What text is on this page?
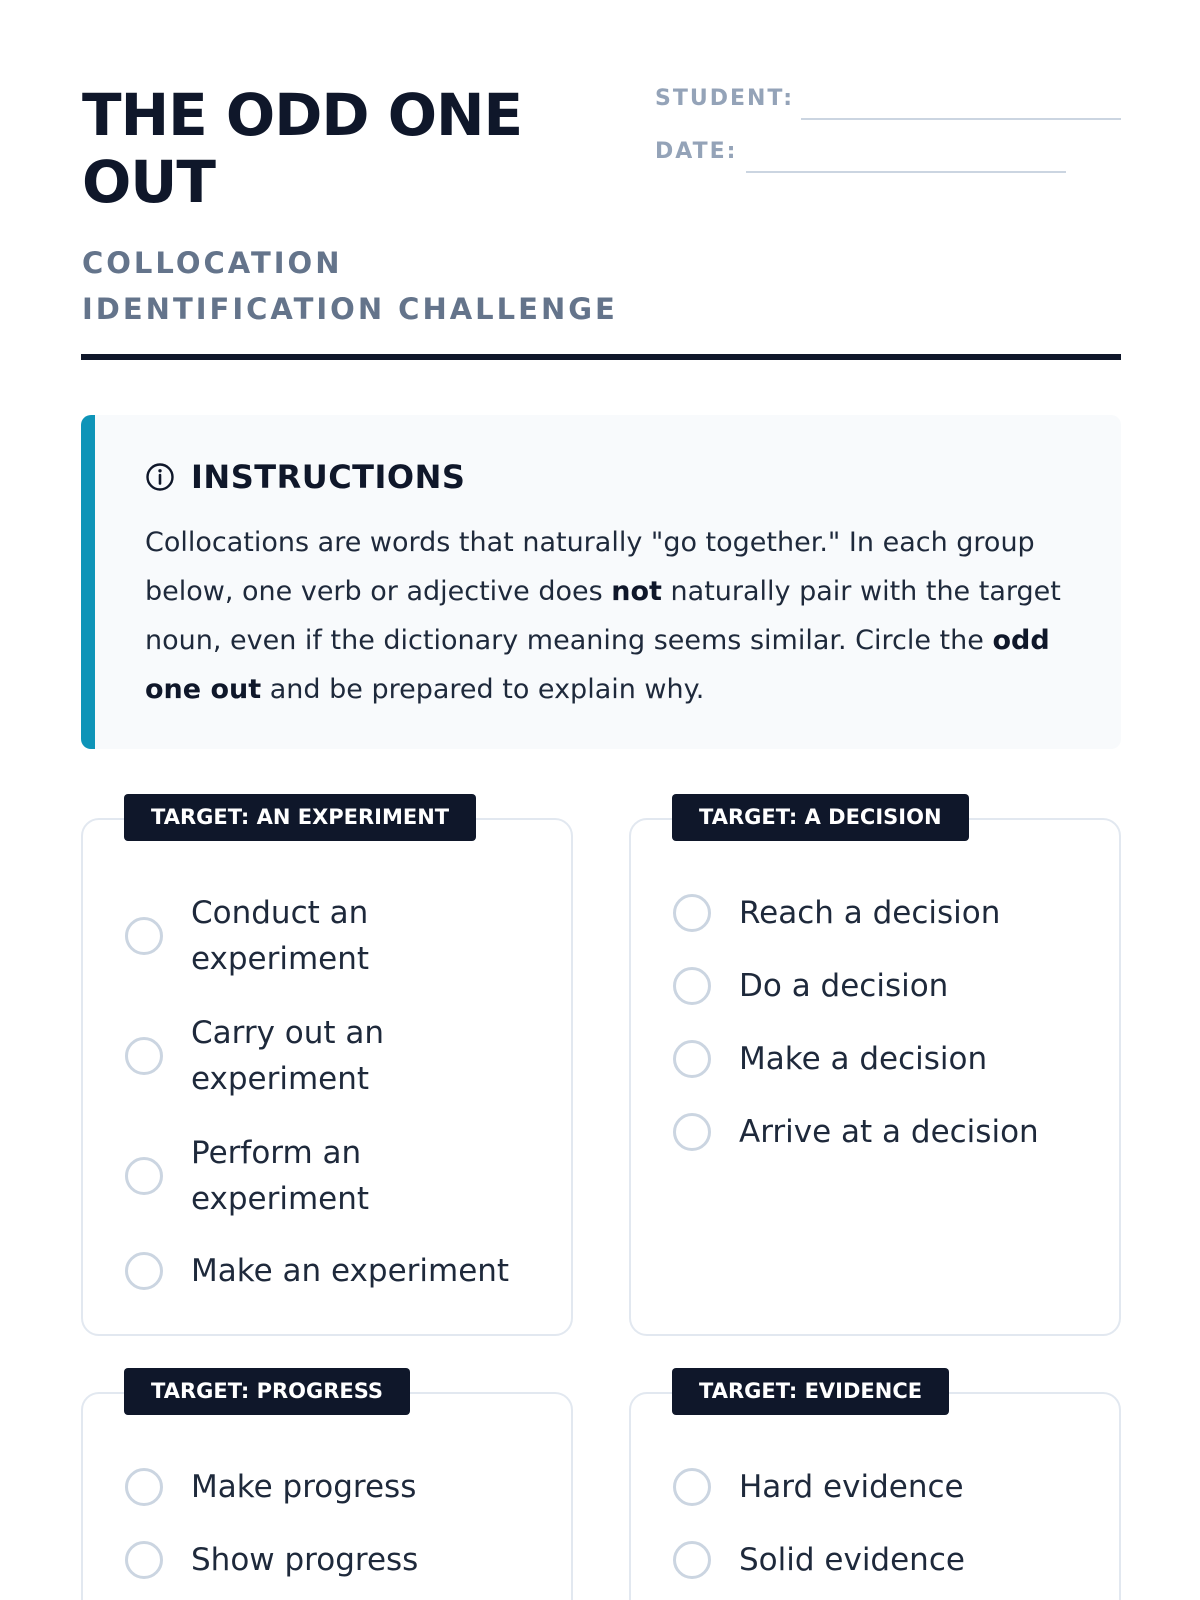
THE ODD ONE OUT
COLLOCATION IDENTIFICATION CHALLENGE
STUDENT:
DATE:
INSTRUCTIONS

Collocations are words that naturally "go together." In each group below, one verb or adjective does not naturally pair with the target noun, even if the dictionary meaning seems similar. Circle the odd one out and be prepared to explain why.

TARGET: AN EXPERIMENT
Conduct an experiment
Carry out an experiment
Perform an experiment
Make an experiment
TARGET: A DECISION
Reach a decision
Do a decision
Make a decision
Arrive at a decision
TARGET: PROGRESS
Make progress
Show progress
TARGET: EVIDENCE
Hard evidence
Solid evidence
